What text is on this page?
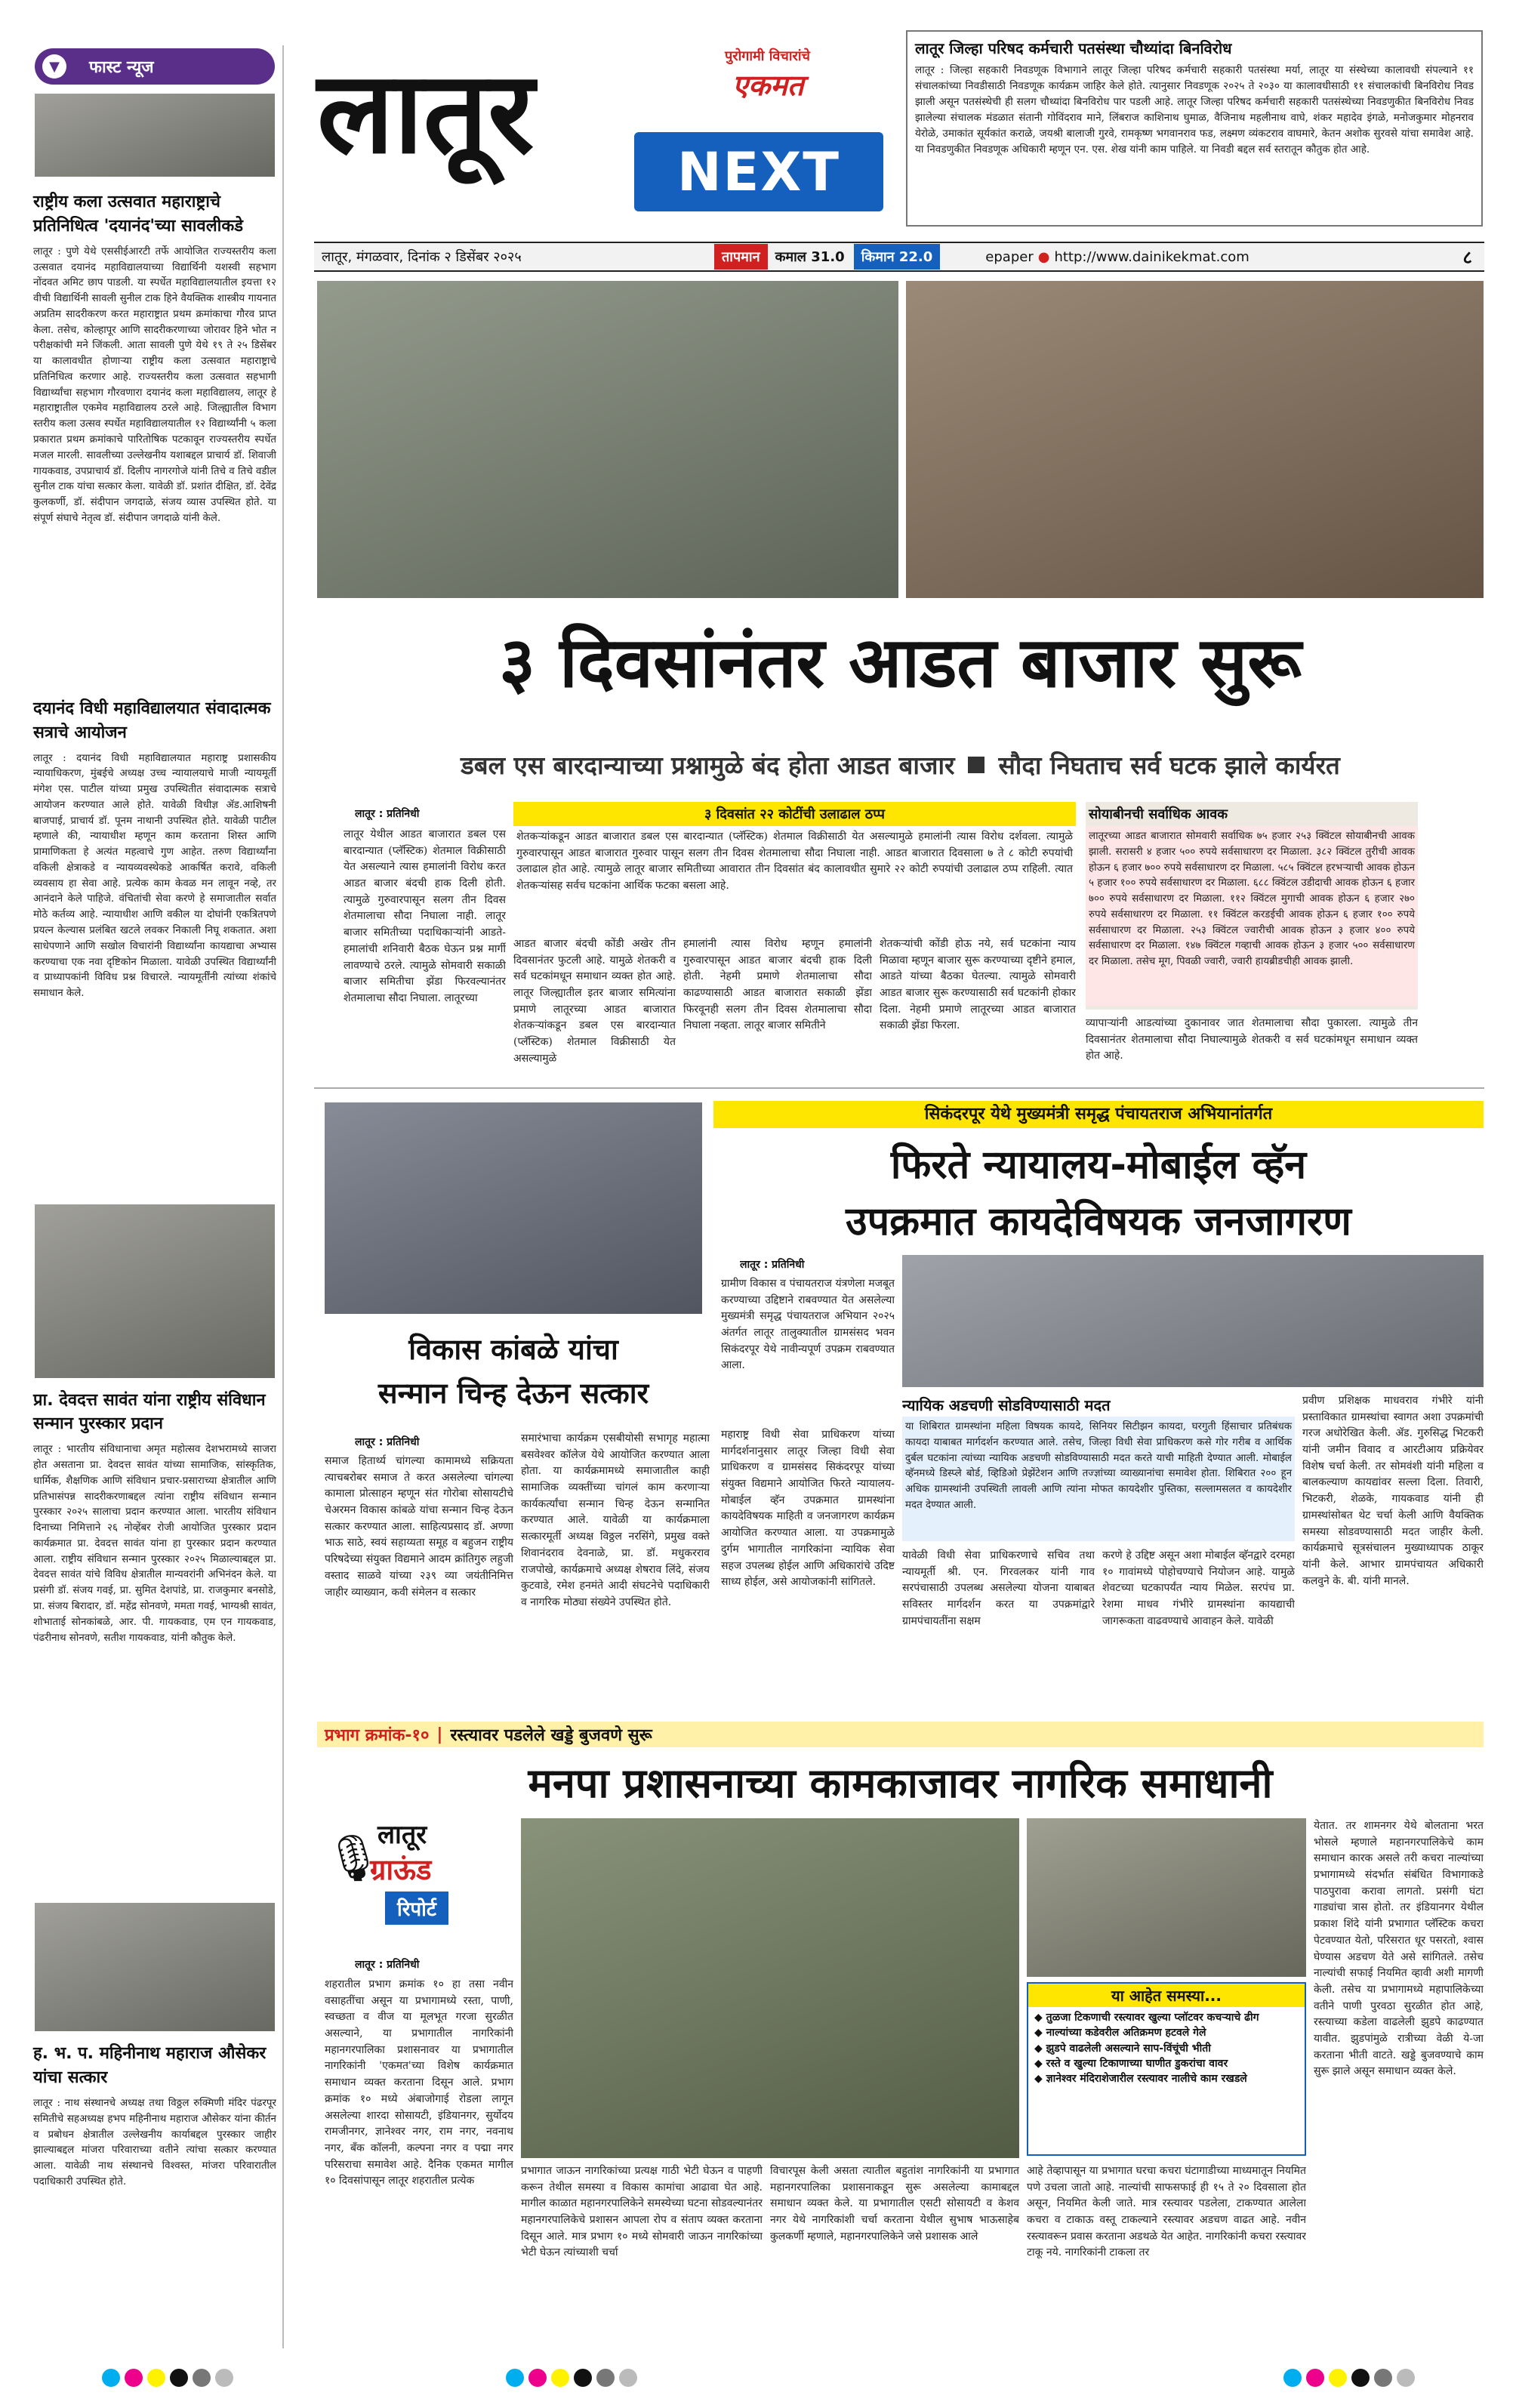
▼	फास्ट न्यूज
राष्ट्रीय कला उत्सवात महाराष्ट्राचे प्रतिनिधित्व 'दयानंद'च्या सावलीकडे
लातूर : पुणे येथे एससीईआरटी तर्फे आयोजित राज्यस्तरीय कला उत्सवात दयानंद महाविद्यालयाच्या विद्यार्थिनी यशस्वी सहभाग नोंदवत अमिट छाप पाडली. या स्पर्धेत महाविद्यालयातील इयत्ता १२ वीची विद्यार्थिनी सावली सुनील टाक हिने वैयक्तिक शास्त्रीय गायनात अप्रतिम सादरीकरण करत महाराष्ट्रात प्रथम क्रमांकाचा गौरव प्राप्त केला. तसेच, कोल्हापूर आणि सादरीकरणाच्या जोरावर हिने भोत न परीक्षकांची मने जिंकली. आता सावली पुणे येथे १९ ते २५ डिसेंबर या कालावधीत होणाऱ्या राष्ट्रीय कला उत्सवात महाराष्ट्राचे प्रतिनिधित्व करणार आहे. राज्यस्तरीय कला उत्सवात सहभागी विद्यार्थ्यांचा सहभाग गौरवणारा दयानंद कला महाविद्यालय, लातूर हे महाराष्ट्रातील एकमेव महाविद्यालय ठरले आहे. जिल्ह्यातील विभाग स्तरीय कला उत्सव स्पर्धेत महाविद्यालयातील १२ विद्यार्थ्यांनी ५ कला प्रकारात प्रथम क्रमांकाचे पारितोषिक पटकावून राज्यस्तरीय स्पर्धेत मजल मारली. सावलीच्या उल्लेखनीय यशाबद्दल प्राचार्य डॉ. शिवाजी गायकवाड, उपप्राचार्य डॉ. दिलीप नागरगोजे यांनी तिचे व तिचे वडील सुनील टाक यांचा सत्कार केला. यावेळी डॉ. प्रशांत दीक्षित, डॉ. देवेंद्र कुलकर्णी, डॉ. संदीपान जगदाळे, संजय व्यास उपस्थित होते. या संपूर्ण संघाचे नेतृत्व डॉ. संदीपान जगदाळे यांनी केले.
दयानंद विधी महाविद्यालयात संवादात्मक सत्राचे आयोजन
लातूर : दयानंद विधी महाविद्यालयात महाराष्ट्र प्रशासकीय न्यायाधिकरण, मुंबईचे अध्यक्ष उच्च न्यायालयाचे माजी न्यायमूर्ती मंगेश एस. पाटील यांच्या प्रमुख उपस्थितीत संवादात्मक सत्राचे आयोजन करण्यात आले होते. यावेळी विधीज्ञ ॲड.आशिषनी बाजपाई, प्राचार्य डॉ. पूनम नाथानी उपस्थित होते. यावेळी पाटील म्हणाले की, न्यायाधीश म्हणून काम करताना शिस्त आणि प्रामाणिकता हे अत्यंत महत्वाचे गुण आहेत. तरुण विद्यार्थ्यांना वकिली क्षेत्राकडे व न्यायव्यवस्थेकडे आकर्षित करावे, वकिली व्यवसाय हा सेवा आहे. प्रत्येक काम केवळ मन लावून नव्हे, तर आनंदाने केले पाहिजे. वंचितांची सेवा करणे हे समाजातील सर्वात मोठे कर्तव्य आहे. न्यायाधीश आणि वकील या दोघांनी एकत्रितपणे प्रयत्न केल्यास प्रलंबित खटले लवकर निकाली निघू शकतात. अशा साधेपणाने आणि सखोल विचारांनी विद्यार्थ्यांना कायद्याचा अभ्यास करण्याचा एक नवा दृष्टिकोन मिळाला. यावेळी उपस्थित विद्यार्थ्यांनी व प्राध्यापकांनी विविध प्रश्न विचारले. न्यायमूर्तींनी त्यांच्या शंकांचे समाधान केले.
प्रा. देवदत्त सावंत यांना राष्ट्रीय संविधान सन्मान पुरस्कार प्रदान
लातूर : भारतीय संविधानाचा अमृत महोत्सव देशभरामध्ये साजरा होत असताना प्रा. देवदत्त सावंत यांच्या सामाजिक, सांस्कृतिक, धार्मिक, शैक्षणिक आणि संविधान प्रचार-प्रसाराच्या क्षेत्रातील आणि प्रतिभासंपन्न सादरीकरणाबद्दल त्यांना राष्ट्रीय संविधान सन्मान पुरस्कार २०२५ सालाचा प्रदान करण्यात आला. भारतीय संविधान दिनाच्या निमित्ताने २६ नोव्हेंबर रोजी आयोजित पुरस्कार प्रदान कार्यक्रमात प्रा. देवदत्त सावंत यांना हा पुरस्कार प्रदान करण्यात आला. राष्ट्रीय संविधान सन्मान पुरस्कार २०२५ मिळाल्याबद्दल प्रा. देवदत्त सावंत यांचे विविध क्षेत्रातील मान्यवरांनी अभिनंदन केले. या प्रसंगी डॉ. संजय गवई, प्रा. सुमित देशपांडे, प्रा. राजकुमार बनसोडे, प्रा. संजय बिरादार, डॉ. महेंद्र सोनवणे, ममता गवई, भाग्यश्री सावंत, शोभाताई सोनकांबळे, आर. पी. गायकवाड, एम एन गायकवाड, पंढरीनाथ सोनवणे, सतीश गायकवाड, यांनी कौतुक केले.
ह. भ. प. महिनीनाथ महाराज औसेकर यांचा सत्कार
लातूर : नाथ संस्थानचे अध्यक्ष तथा विठ्ठल रुक्मिणी मंदिर पंढरपूर समितीचे सहअध्यक्ष हभप महिनीनाथ महाराज औसेकर यांना कीर्तन व प्रबोधन क्षेत्रातील उल्लेखनीय कार्याबद्दल पुरस्कार जाहीर झाल्याबद्दल मांजरा परिवाराच्या वतीने त्यांचा सत्कार करण्यात आला. यावेळी नाथ संस्थानचे विश्वस्त, मांजरा परिवारातील पदाधिकारी उपस्थित होते.
लातूर	पुरोगामी विचारांचे
एकमत
NEXT
लातूर जिल्हा परिषद कर्मचारी पतसंस्था चौथ्यांदा बिनविरोध
लातूर : जिल्हा सहकारी निवडणूक विभागाने लातूर जिल्हा परिषद कर्मचारी सहकारी पतसंस्था मर्या, लातूर या संस्थेच्या कालावधी संपल्याने ११ संचालकांच्या निवडीसाठी निवडणूक कार्यक्रम जाहिर केले होते. त्यानुसार निवडणूक २०२५ ते २०३० या कालावधीसाठी ११ संचालकांची बिनविरोध निवड झाली असून पतसंस्थेची ही सलग चौथ्यांदा बिनविरोध पार पडली आहे. लातूर जिल्हा परिषद कर्मचारी सहकारी पतसंस्थेच्या निवडणुकीत बिनविरोध निवड झालेल्या संचालक मंडळात संतानी गोविंदराव माने, लिंबराज काशिनाथ घुमाळ, वैजिनाथ महलीनाथ वाघे, शंकर महादेव इंगळे, मनोजकुमार मोहनराव येरोळे, उमाकांत सूर्यकांत कराळे, जयश्री बालाजी गुरवे, रामकृष्ण भगवानराव फड, लक्ष्मण व्यंकटराव वाघमारे, केतन अशोक सुरवसे यांचा समावेश आहे. या निवडणुकीत निवडणूक अधिकारी म्हणून एन. एस. शेख यांनी काम पाहिले. या निवडी बद्दल सर्व स्तरातून कौतुक होत आहे.
लातूर, मंगळवार, दिनांक २ डिसेंबर २०२५	तापमान	कमाल 31.0	किमान 22.0	epaper ● http://www.dainikekmat.com	८
३ दिवसांनंतर आडत बाजार सुरू
डबल एस बारदान्याच्या प्रश्नामुळे बंद होता आडत बाजार सौदा निघताच सर्व घटक झाले कार्यरत
लातूर : प्रतिनिधी
लातूर येथील आडत बाजारात डबल एस बारदान्यात (प्लॅस्टिक) शेतमाल विक्रीसाठी येत असल्याने त्यास हमालांनी विरोध करत आडत बाजार बंदची हाक दिली होती. त्यामुळे गुरुवारपासून सलग तीन दिवस शेतमालाचा सौदा निघाला नाही. लातूर बाजार समितीच्या पदाधिकाऱ्यांनी आडते-हमालांची शनिवारी बैठक घेऊन प्रश्न मार्गी लावण्याचे ठरले. त्यामुळे सोमवारी सकाळी बाजार समितीचा झेंडा फिरवल्यानंतर शेतमालाचा सौदा निघाला. लातूरच्या
आडत बाजार बंदची कोंडी अखेर तीन दिवसानंतर फुटली आहे. यामुळे शेतकरी व सर्व घटकांमधून समाधान व्यक्त होत आहे. लातूर जिल्ह्यातील इतर बाजार समित्यांना प्रमाणे लातूरच्या आडत बाजारात शेतकऱ्यांकडून डबल एस बारदान्यात (प्लॅस्टिक) शेतमाल विक्रीसाठी येत असल्यामुळे
३ दिवसांत २२ कोटींची उलाढाल ठप्प
शेतकऱ्यांकडून आडत बाजारात डबल एस बारदान्यात (प्लॅस्टिक) शेतमाल विक्रीसाठी येत असल्यामुळे हमालांनी त्यास विरोध दर्शवला. त्यामुळे गुरुवारपासून आडत बाजारात गुरुवार पासून सलग तीन दिवस शेतमालाचा सौदा निघाला नाही. आडत बाजारात दिवसाला ७ ते ८ कोटी रुपयांची उलाढाल होत आहे. त्यामुळे लातूर बाजार समितीच्या आवारात तीन दिवसांत बंद कालावधीत सुमारे २२ कोटी रुपयांची उलाढाल ठप्प राहिली. त्यात शेतकऱ्यांसह सर्वच घटकांना आर्थिक फटका बसला आहे.
हमालांनी त्यास विरोध म्हणून हमालांनी गुरुवारपासून आडत बाजार बंदची हाक दिली होती. नेहमी प्रमाणे शेतमालाचा सौदा काढण्यासाठी आडत बाजारात सकाळी झेंडा फिरवूनही सलग तीन दिवस शेतमालाचा सौदा निघाला नव्हता. लातूर बाजार समितीने
शेतकऱ्यांची कोंडी होऊ नये, सर्व घटकांना न्याय मिळावा म्हणून बाजार सुरू करण्याच्या दृष्टीने हमाल, आडते यांच्या बैठका घेतल्या. त्यामुळे सोमवारी आडत बाजार सुरू करण्यासाठी सर्व घटकांनी होकार दिला. नेहमी प्रमाणे लातूरच्या आडत बाजारात सकाळी झेंडा फिरला.
सोयाबीनची सर्वाधिक आवक
लातूरच्या आडत बाजारात सोमवारी सर्वाधिक ७५ हजार २५३ क्विंटल सोयाबीनची आवक झाली. सरासरी ४ हजार ५०० रुपये सर्वसाधारण दर मिळाला. ३८२ क्विंटल तुरीची आवक होऊन ६ हजार ७०० रुपये सर्वसाधारण दर मिळाला. ५८५ क्विंटल हरभऱ्याची आवक होऊन ५ हजार १०० रुपये सर्वसाधारण दर मिळाला. ६८८ क्विंटल उडीदाची आवक होऊन ६ हजार ७०० रुपये सर्वसाधारण दर मिळाला. ११२ क्विंटल मुगाची आवक होऊन ६ हजार २७० रुपये सर्वसाधारण दर मिळाला. ११ क्विंटल करडईची आवक होऊन ६ हजार १०० रुपये सर्वसाधारण दर मिळाला. २५३ क्विंटल ज्वारीची आवक होऊन ३ हजार ४०० रुपये सर्वसाधारण दर मिळाला. १४७ क्विंटल गव्हाची आवक होऊन ३ हजार ५०० सर्वसाधारण दर मिळाला. तसेच मूग, पिवळी ज्वारी, ज्वारी हायब्रीडचीही आवक झाली.
व्यापाऱ्यांनी आडत्यांच्या दुकानावर जात शेतमालाचा सौदा पुकारला. त्यामुळे तीन दिवसानंतर शेतमालाचा सौदा निघाल्यामुळे शेतकरी व सर्व घटकांमधून समाधान व्यक्त होत आहे.
विकास कांबळे यांचा
सन्मान चिन्ह देऊन सत्कार
लातूर : प्रतिनिधी
समाज हितार्थ्य चांगल्या कामामध्ये सक्रियता त्याचबरोबर समाज ते करत असलेल्या चांगल्या कामाला प्रोत्साहन म्हणून संत गोरोबा सोसायटीचे चेअरमन विकास कांबळे यांचा सन्मान चिन्ह देऊन सत्कार करण्यात आला. साहित्यप्रसाद डॉ. अण्णा भाऊ साठे, स्वयं सहाय्यता समूह व बहुजन राष्ट्रीय परिषदेच्या संयुक्त विद्यमाने आदम क्रांतिगुरु लहुजी वस्ताद साळवे यांच्या २३९ व्या जयंतीनिमित्त जाहीर व्याख्यान, कवी संमेलन व सत्कार
समारंभाचा कार्यक्रम एसबीयोसी सभागृह महात्मा बसवेश्वर कॉलेज येथे आयोजित करण्यात आला होता. या कार्यक्रमामध्ये समाजातील काही सामाजिक व्यक्तींच्या चांगलं काम करणाऱ्या कार्यकर्त्यांचा सन्मान चिन्ह देऊन सन्मानित करण्यात आले. यावेळी या कार्यक्रमाला सत्कारमूर्ती अध्यक्ष विठ्ठल नरसिंगे, प्रमुख वक्ते शिवानंदराव देवनाळे, प्रा. डॉ. मधुकरराव राजपोखे, कार्यक्रमाचे अध्यक्ष शेषराव लिंदे, संजय कुटवाडे, रमेश हनमंते आदी संघटनेचे पदाधिकारी व नागरिक मोठ्या संख्येने उपस्थित होते.
सिकंदरपूर येथे मुख्यमंत्री समृद्ध पंचायतराज अभियानांतर्गत
फिरते न्यायालय-मोबाईल व्हॅन
उपक्रमात कायदेविषयक जनजागरण
लातूर : प्रतिनिधी
ग्रामीण विकास व पंचायतराज यंत्रणेला मजबूत करण्याच्या उद्दिष्टाने राबवण्यात येत असलेल्या मुख्यमंत्री समृद्ध पंचायतराज अभियान २०२५ अंतर्गत लातूर तालुक्यातील ग्रामसंसद भवन सिकंदरपूर येथे नावीन्यपूर्ण उपक्रम राबवण्यात आला.
महाराष्ट्र विधी सेवा प्राधिकरण यांच्या मार्गदर्शनानुसार लातूर जिल्हा विधी सेवा प्राधिकरण व ग्रामसंसद सिकंदरपूर यांच्या संयुक्त विद्यमाने आयोजित फिरते न्यायालय-मोबाईल व्हॅन उपक्रमात ग्रामस्थांना कायदेविषयक माहिती व जनजागरण कार्यक्रम आयोजित करण्यात आला. या उपक्रमामुळे दुर्गम भागातील नागरिकांना न्यायिक सेवा सहज उपलब्ध होईल आणि अधिकारांचे उदिष्ट साध्य होईल, असे आयोजकांनी सांगितले.
न्यायिक अडचणी सोडविण्यासाठी मदत
या शिबिरात ग्रामस्थांना महिला विषयक कायदे, सिनियर सिटीझन कायदा, घरगुती हिंसाचार प्रतिबंधक कायदा याबाबत मार्गदर्शन करण्यात आले. तसेच, जिल्हा विधी सेवा प्राधिकरण कसे गोर गरीब व आर्थिक दुर्बल घटकांना त्यांच्या न्यायिक अडचणी सोडविण्यासाठी मदत करते याची माहिती देण्यात आली. मोबाईल व्हॅनमध्ये डिस्प्ले बोर्ड, व्हिडिओ प्रेझेंटेशन आणि तज्ज्ञांच्या व्याख्यानांचा समावेश होता. शिबिरात २०० हून अधिक ग्रामस्थांनी उपस्थिती लावली आणि त्यांना मोफत कायदेशीर पुस्तिका, सल्लामसलत व कायदेशीर मदत देण्यात आली.
यावेळी विधी सेवा प्राधिकरणाचे सचिव तथा न्यायमूर्ती श्री. एन. गिरवलकर यांनी गाव सरपंचासाठी उपलब्ध असलेल्या योजना याबाबत सविस्तर मार्गदर्शन करत या उपक्रमांद्वारे ग्रामपंचायतींना सक्षम
करणे हे उद्दिष्ट असून अशा मोबाईल व्हॅनद्वारे दरमहा १० गावांमध्ये पोहोचण्याचे नियोजन आहे. यामुळे शेवटच्या घटकापर्यंत न्याय मिळेल. सरपंच प्रा. रेशमा माधव गंभीरे ग्रामस्थांना कायद्याची जागरूकता वाढवण्याचे आवाहन केले. यावेळी
प्रवीण प्रशिक्षक माधवराव गंभीरे यांनी प्रस्ताविकात ग्रामस्थांचा स्वागत अशा उपक्रमांची गरज अधोरेखित केली. ॲड. गुरुसिद्ध भिटकरी यांनी जमीन विवाद व आरटीआय प्रक्रियेवर विशेष चर्चा केली. तर सोमवंशी यांनी महिला व बालकल्याण कायद्यांवर सल्ला दिला. तिवारी, भिटकरी, शेळके, गायकवाड यांनी ही ग्रामस्थांसोबत थेट चर्चा केली आणि वैयक्तिक समस्या सोडवण्यासाठी मदत जाहीर केली. कार्यक्रमाचे सूत्रसंचालन मुख्याध्यापक ठाकूर यांनी केले. आभार ग्रामपंचायत अधिकारी कलवुने के. बी. यांनी मानले.
प्रभाग क्रमांक-१० | रस्त्यावर पडलेले खड्डे बुजवणे सुरू
मनपा प्रशासनाच्या कामकाजावर नागरिक समाधानी
🎙
लातूर
ग्राऊंड
रिपोर्ट
लातूर : प्रतिनिधी
शहरातील प्रभाग क्रमांक १० हा तसा नवीन वसाहतींचा असून या प्रभागामध्ये रस्ता, पाणी, स्वच्छता व वीज या मूलभूत गरजा सुरळीत असल्याने, या प्रभागातील नागरिकांनी महानगरपालिका प्रशासनावर या प्रभागातील नागरिकांनी 'एकमत'च्या विशेष कार्यक्रमात समाधान व्यक्त करताना दिसून आले. प्रभाग क्रमांक १० मध्ये अंबाजोगाई रोडला लागून असलेल्या शारदा सोसायटी, इंडियानगर, सुर्योदय रामजीनगर, ज्ञानेश्वर नगर, राम नगर, नवनाथ नगर, बँक कॉलनी, कल्पना नगर व पद्मा नगर परिसराचा समावेश आहे. दैनिक एकमत मागील १० दिवसांपासून लातूर शहरातील प्रत्येक
प्रभागात जाऊन नागरिकांच्या प्रत्यक्ष गाठी भेटी घेऊन व पाहणी करून तेथील समस्या व विकास कामांचा आढावा घेत आहे. मागील काळात महानगरपालिकेने समस्येच्या घटना सोडवल्यानंतर महानगरपालिकेचे प्रशासन आपला रोप व संताप व्यक्त करताना दिसून आले. मात्र प्रभाग १० मध्ये सोमवारी जाऊन नागरिकांच्या भेटी घेऊन त्यांच्याशी चर्चा
विचारपूस केली असता त्यातील बहुतांश नागरिकांनी या प्रभागात महानगरपालिका प्रशासनाकडून सुरू असलेल्या कामाबद्दल समाधान व्यक्त केले. या प्रभागातील एसटी सोसायटी व केशव नगर येथे नागरिकांशी चर्चा करताना येथील सुभाष भाऊसाहेब कुलकर्णी म्हणाले, महानगरपालिकेने जसे प्रशासक आले
या आहेत समस्या...
◆ तुळजा टिकणाची रस्त्यावर खुल्या प्लॉटवर कचऱ्याचे ढीग
◆ नाल्यांच्या कडेवरील अतिक्रमण हटवले गेले
◆ झुडपे वाढलेली असल्याने साप-विंचूंची भीती
◆ रस्ते व खुल्या टिकाणाच्या घाणीत डुकरांचा वावर
◆ ज्ञानेश्वर मंदिराशेजारील रस्त्यावर नालीचे काम रखडले
आहे तेव्हापासून या प्रभागात घरचा कचरा घंटागाडीच्या माध्यमातून नियमित पणे उचला जातो आहे. नाल्यांची साफसफाई ही १५ ते २० दिवसाला होत असून, नियमित केली जाते. मात्र रस्त्यावर पडलेला, टाकण्यात आलेला कचरा व टाकाऊ वस्तू टाकल्याने रस्त्यावर अडचण वाढत आहे. नवीन रस्त्यावरून प्रवास करताना अडथळे येत आहेत. नागरिकांनी कचरा रस्त्यावर टाकू नये. नागरिकांनी टाकला तर
येतात. तर शामनगर येथे बोलताना भरत भोसले म्हणाले महानगरपालिकेचे काम समाधान कारक असले तरी कचरा नाल्यांच्या प्रभागामध्ये संदर्भात संबंधित विभागाकडे पाठपुरावा करावा लागतो. प्रसंगी घंटा गाड्यांचा त्रास होतो. तर इंडियानगर येथील प्रकाश शिंदे यांनी प्रभागात प्लॅस्टिक कचरा पेटवण्यात येतो, परिसरात धूर पसरतो, श्वास घेण्यास अडचण येते असे सांगितले. तसेच नाल्यांची सफाई नियमित व्हावी अशी मागणी केली. तसेच या प्रभागामध्ये महापालिकेच्या वतीने पाणी पुरवठा सुरळीत होत आहे, रस्त्याच्या कडेला वाढलेली झुडपे काढण्यात यावीत. झुडपांमुळे रात्रीच्या वेळी ये-जा करताना भीती वाटते. खड्डे बुजवण्याचे काम सुरू झाले असून समाधान व्यक्त केले.
